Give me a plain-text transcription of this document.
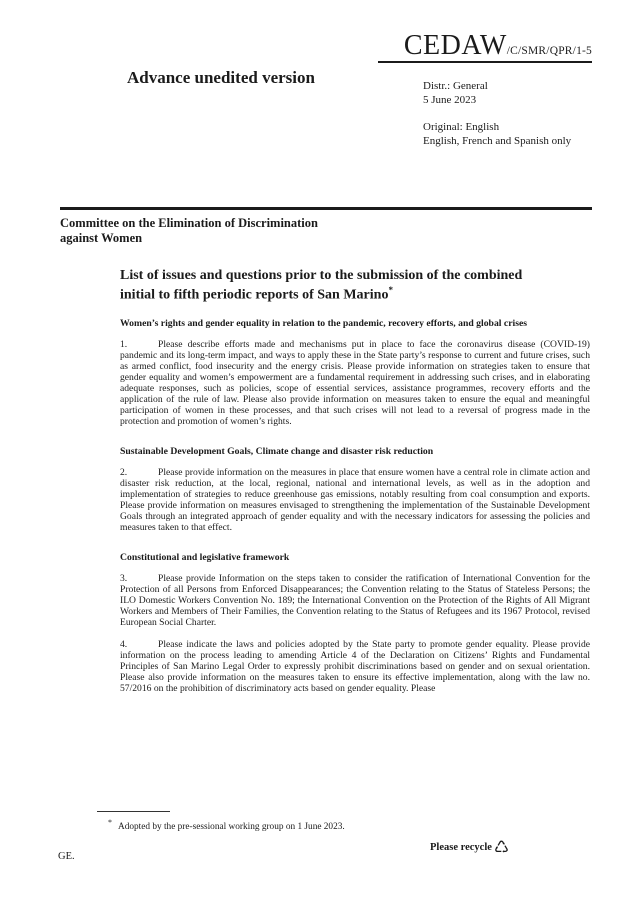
CEDAW/C/SMR/QPR/1-5
Advance unedited version	Distr.: General
5 June 2023
Original: English
English, French and Spanish only
Committee on the Elimination of Discrimination
against Women
List of issues and questions prior to the submission of the combined initial to fifth periodic reports of San Marino*
Women’s rights and gender equality in relation to the pandemic, recovery efforts, and global crises

1.	Please describe efforts made and mechanisms put in place to face the coronavirus disease (COVID-19) pandemic and its long-term impact, and ways to apply these in the State party’s response to current and future crises, such as armed conflict, food insecurity and the energy crisis. Please provide information on strategies taken to ensure that gender equality and women’s empowerment are a fundamental requirement in addressing such crises, and in elaborating adequate responses, such as policies, scope of essential services, assistance programmes, recovery efforts and the application of the rule of law. Please also provide information on measures taken to ensure the equal and meaningful participation of women in these processes, and that such crises will not lead to a reversal of progress made in the protection and promotion of women’s rights.

Sustainable Development Goals, Climate change and disaster risk reduction

2.	Please provide information on the measures in place that ensure women have a central role in climate action and disaster risk reduction, at the local, regional, national and international levels, as well as in the adoption and implementation of strategies to reduce greenhouse gas emissions, notably resulting from coal consumption and exports. Please provide information on measures envisaged to strengthening the implementation of the Sustainable Development Goals through an integrated approach of gender equality and with the necessary indicators for assessing the policies and measures taken to that effect.

Constitutional and legislative framework

3.	Please provide Information on the steps taken to consider the ratification of International Convention for the Protection of all Persons from Enforced Disappearances; the Convention relating to the Status of Stateless Persons; the ILO Domestic Workers Convention No. 189; the International Convention on the Protection of the Rights of All Migrant Workers and Members of Their Families, the Convention relating to the Status of Refugees and its 1967 Protocol, revised European Social Charter.

4.	Please indicate the laws and policies adopted by the State party to promote gender equality. Please provide information on the process leading to amending Article 4 of the Declaration on Citizens’ Rights and Fundamental Principles of San Marino Legal Order to expressly prohibit discriminations based on gender and on sexual orientation. Please also provide information on the measures taken to ensure its effective implementation, along with the law no. 57/2016 on the prohibition of discriminatory acts based on gender equality. Please

* Adopted by the pre-sessional working group on 1 June 2023.
Please recycle ♺
GE.
